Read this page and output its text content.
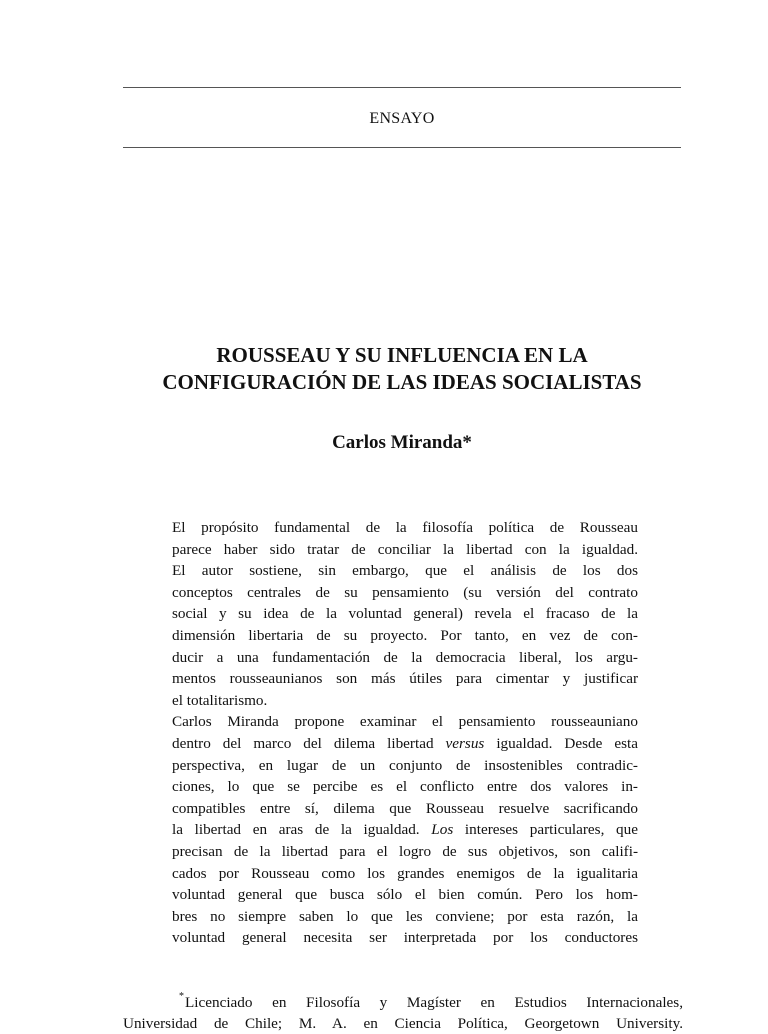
ENSAYO
ROUSSEAU Y SU INFLUENCIA EN LA
CONFIGURACIÓN DE LAS IDEAS SOCIALISTAS
Carlos Miranda*
El propósito fundamental de la filosofía política de Rousseau
parece haber sido tratar de conciliar la libertad con la igualdad.
El autor sostiene, sin embargo, que el análisis de los dos
conceptos centrales de su pensamiento (su versión del contrato
social y su idea de la voluntad general) revela el fracaso de la
dimensión libertaria de su proyecto. Por tanto, en vez de con-
ducir a una fundamentación de la democracia liberal, los argu-
mentos rousseaunianos son más útiles para cimentar y justificar
el totalitarismo.
Carlos Miranda propone examinar el pensamiento rousseauniano
dentro del marco del dilema libertad versus igualdad. Desde esta
perspectiva, en lugar de un conjunto de insostenibles contradic-
ciones, lo que se percibe es el conflicto entre dos valores in-
compatibles entre sí, dilema que Rousseau resuelve sacrificando
la libertad en aras de la igualdad. Los intereses particulares, que
precisan de la libertad para el logro de sus objetivos, son califi-
cados por Rousseau como los grandes enemigos de la igualitaria
voluntad general que busca sólo el bien común. Pero los hom-
bres no siempre saben lo que les conviene; por esta razón, la
voluntad general necesita ser interpretada por los conductores
*Licenciado en Filosofía y Magíster en Estudios Internacionales,
Universidad de Chile; M. A. en Ciencia Política, Georgetown University.
